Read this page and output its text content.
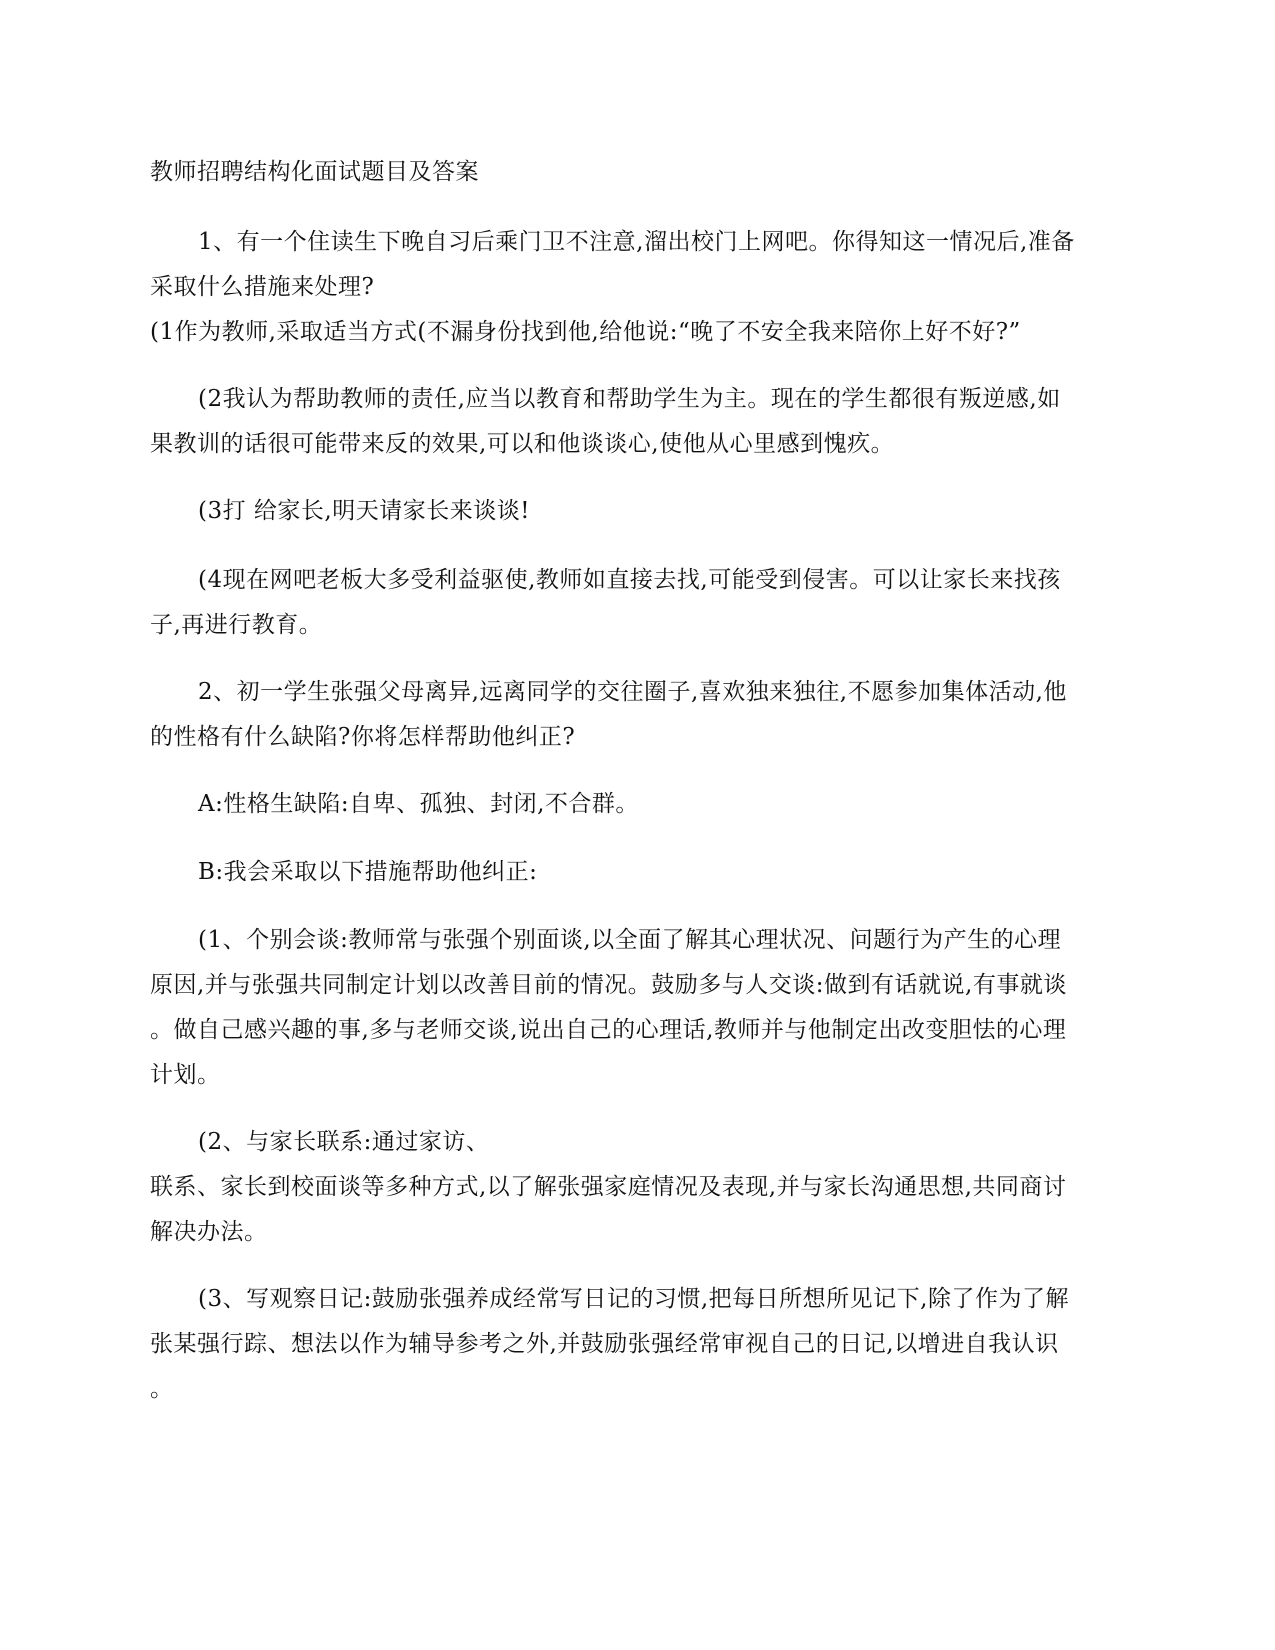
教师招聘结构化面试题目及答案
1、有一个住读生下晚自习后乘门卫不注意,溜出校门上网吧。你得知这一情况后,准备
采取什么措施来处理?
(1作为教师,采取适当方式(不漏身份找到他,给他说:“晚了不安全我来陪你上好不好?”
(2我认为帮助教师的责任,应当以教育和帮助学生为主。现在的学生都很有叛逆感,如
果教训的话很可能带来反的效果,可以和他谈谈心,使他从心里感到愧疚。
(3打 给家长,明天请家长来谈谈!
(4现在网吧老板大多受利益驱使,教师如直接去找,可能受到侵害。可以让家长来找孩
子,再进行教育。
2、初一学生张强父母离异,远离同学的交往圈子,喜欢独来独往,不愿参加集体活动,他
的性格有什么缺陷?你将怎样帮助他纠正?
A:性格生缺陷:自卑、孤独、封闭,不合群。
B:我会采取以下措施帮助他纠正:
(1、个别会谈:教师常与张强个别面谈,以全面了解其心理状况、问题行为产生的心理
原因,并与张强共同制定计划以改善目前的情况。鼓励多与人交谈:做到有话就说,有事就谈
。做自己感兴趣的事,多与老师交谈,说出自己的心理话,教师并与他制定出改变胆怯的心理
计划。
(2、与家长联系:通过家访、
联系、家长到校面谈等多种方式,以了解张强家庭情况及表现,并与家长沟通思想,共同商讨
解决办法。
(3、写观察日记:鼓励张强养成经常写日记的习惯,把每日所想所见记下,除了作为了解
张某强行踪、想法以作为辅导参考之外,并鼓励张强经常审视自己的日记,以增进自我认识
。
